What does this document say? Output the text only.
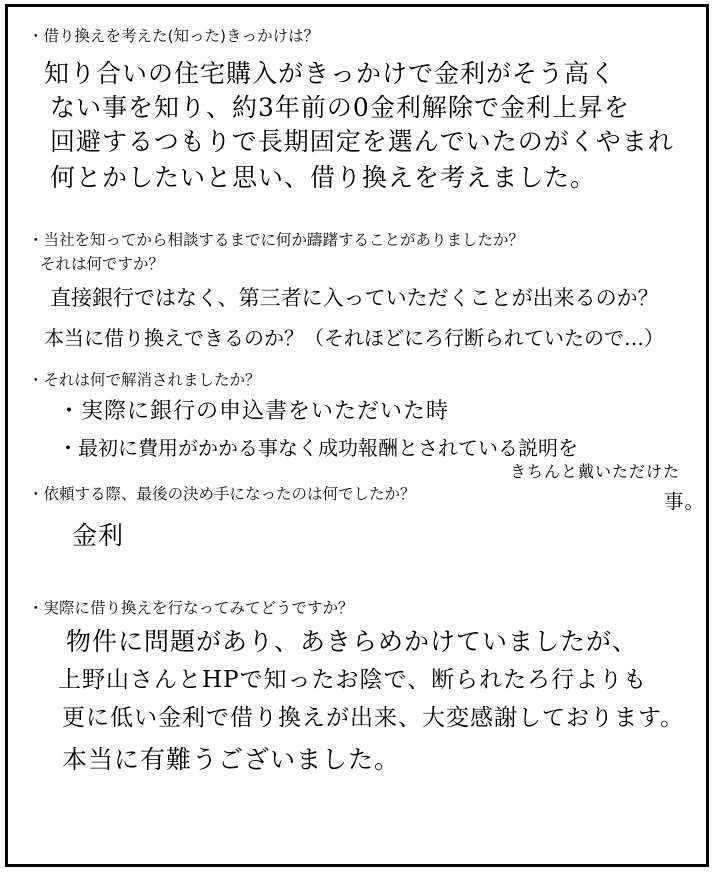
・借り換えを考えた(知った)きっかけは？
知り合いの住宅購入がきっかけで金利がそう高く
ない事を知り、約3年前の0金利解除で金利上昇を
回避するつもりで長期固定を選んでいたのがくやまれ
何とかしたいと思い、借り換えを考えました。
・当社を知ってから相談するまでに何か躊躇することがありましたか？
それは何ですか？
直接銀行ではなく、第三者に入っていただくことが出来るのか？
本当に借り換えできるのか？（それほどにろ行断られていたので…）
・それは何で解消されましたか？
・実際に銀行の申込書をいただいた時
・最初に費用がかかる事なく成功報酬とされている説明を
きちんと戴いただけた
事。
・依頼する際、最後の決め手になったのは何でしたか？
金利
・実際に借り換えを行なってみてどうですか？
物件に問題があり、あきらめかけていましたが、
上野山さんとHPで知ったお陰で、断られたろ行よりも
更に低い金利で借り換えが出来、大変感謝しております。
本当に有難うございました。
